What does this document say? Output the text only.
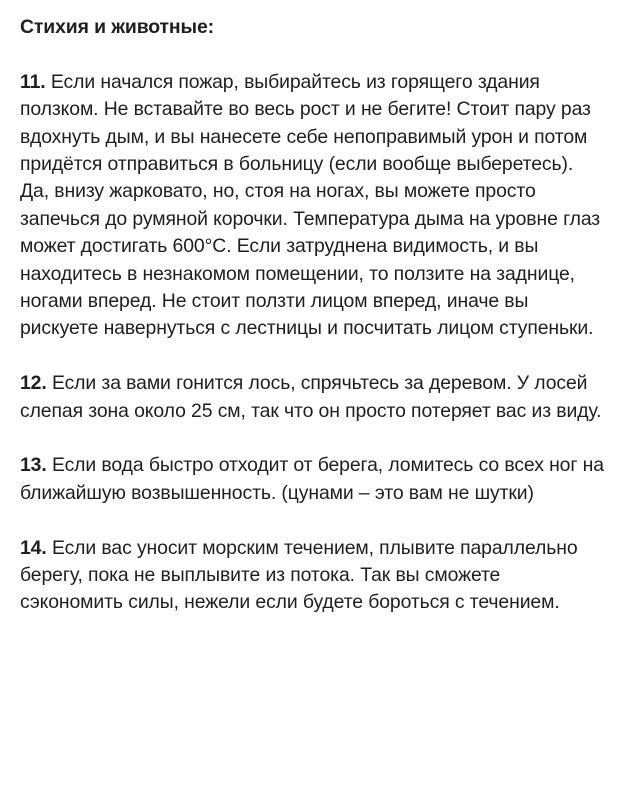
Стихия и животные:

11. Если начался пожар, выбирайтесь из горящего здания ползком. Не вставайте во весь рост и не бегите! Стоит пару раз вдохнуть дым, и вы нанесете себе непоправимый урон и потом придётся отправиться в больницу (если вообще выберетесь). Да, внизу жарковато, но, стоя на ногах, вы можете просто запечься до румяной корочки. Температура дыма на уровне глаз может достигать 600°С. Если затруднена видимость, и вы находитесь в незнакомом помещении, то ползите на заднице, ногами вперед. Не стоит ползти лицом вперед, иначе вы рискуете навернуться с лестницы и посчитать лицом ступеньки.

12. Если за вами гонится лось, спрячьтесь за деревом. У лосей слепая зона около 25 см, так что он просто потеряет вас из виду.

13. Если вода быстро отходит от берега, ломитесь со всех ног на ближайшую возвышенность. (цунами – это вам не шутки)

14. Если вас уносит морским течением, плывите параллельно берегу, пока не выплывите из потока. Так вы сможете сэкономить силы, нежели если будете бороться с течением.
